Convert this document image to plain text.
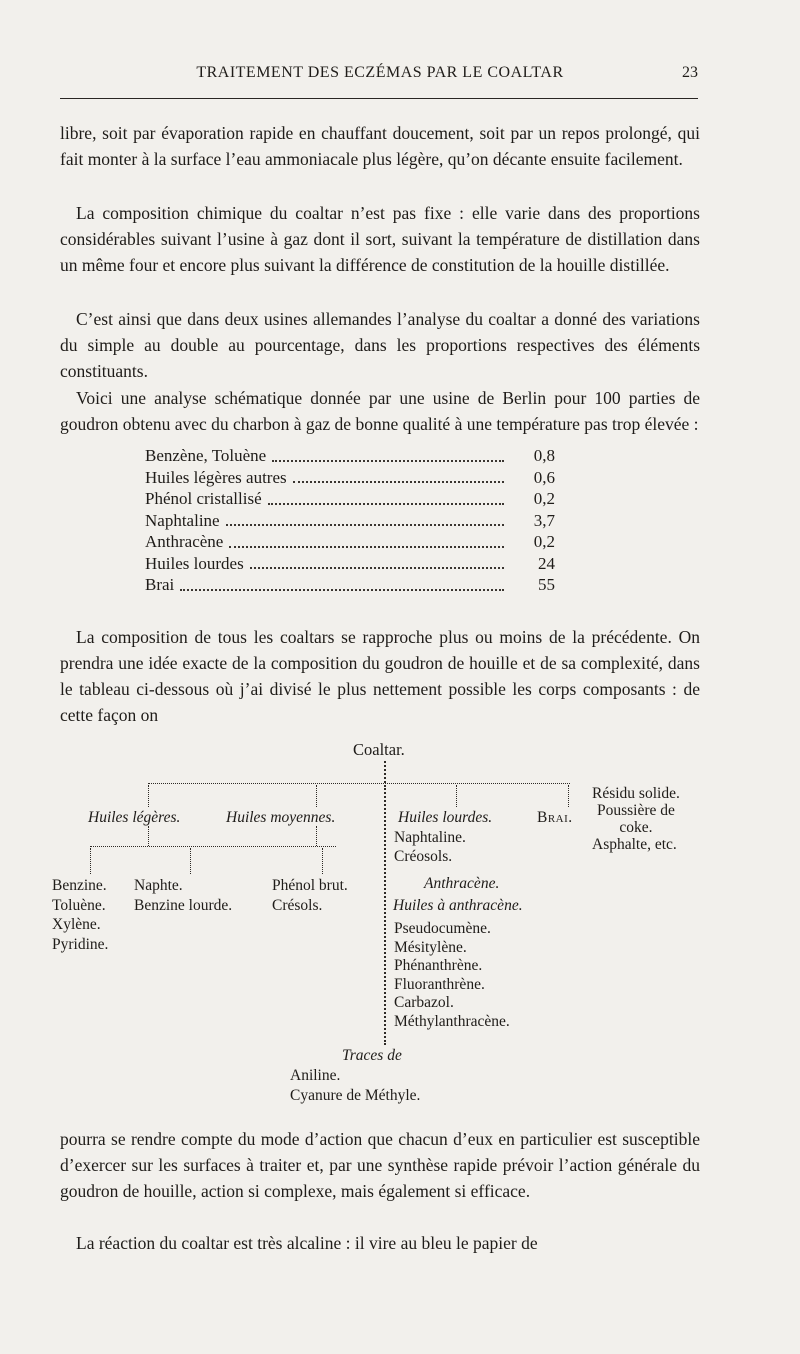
TRAITEMENT DES ECZÉMAS PAR LE COALTAR	23

libre, soit par évaporation rapide en chauffant doucement, soit par un repos prolongé, qui fait monter à la surface l’eau ammoniacale plus légère, qu’on décante ensuite facilement.

La composition chimique du coaltar n’est pas fixe : elle varie dans des proportions considérables suivant l’usine à gaz dont il sort, suivant la température de distillation dans un même four et encore plus suivant la différence de constitution de la houille distillée.

C’est ainsi que dans deux usines allemandes l’analyse du coaltar a donné des variations du simple au double au pourcentage, dans les proportions respectives des éléments constituants.

Voici une analyse schématique donnée par une usine de Berlin pour 100 parties de goudron obtenu avec du charbon à gaz de bonne qualité à une température pas trop élevée :

Benzène, Toluène	0,8
Huiles légères autres	0,6
Phénol cristallisé	0,2
Naphtaline	3,7
Anthracène	0,2
Huiles lourdes	24
Brai	55

La composition de tous les coaltars se rapproche plus ou moins de la précédente. On prendra une idée exacte de la composition du goudron de houille et de sa complexité, dans le tableau ci-dessous où j’ai divisé le plus nettement possible les corps composants : de cette façon on

Coaltar.
Huiles légères.	Huiles moyennes.	Huiles lourdes.	Brai.
Résidu solide.
Poussière de
coke.
Asphalte, etc.
Naphtaline.
Créosols.
Benzine.
Toluène.
Xylène.
Pyridine.
Naphte.
Benzine lourde.
Phénol brut.
Crésols.
Anthracène.
Huiles à anthracène.
Pseudocumène.
Mésitylène.
Phénanthrène.
Fluoranthrène.
Carbazol.
Méthylanthracène.
Traces de
Aniline.
Cyanure de Méthyle.

pourra se rendre compte du mode d’action que chacun d’eux en particulier est susceptible d’exercer sur les surfaces à traiter et, par une synthèse rapide prévoir l’action générale du goudron de houille, action si complexe, mais également si efficace.

La réaction du coaltar est très alcaline : il vire au bleu le papier de
